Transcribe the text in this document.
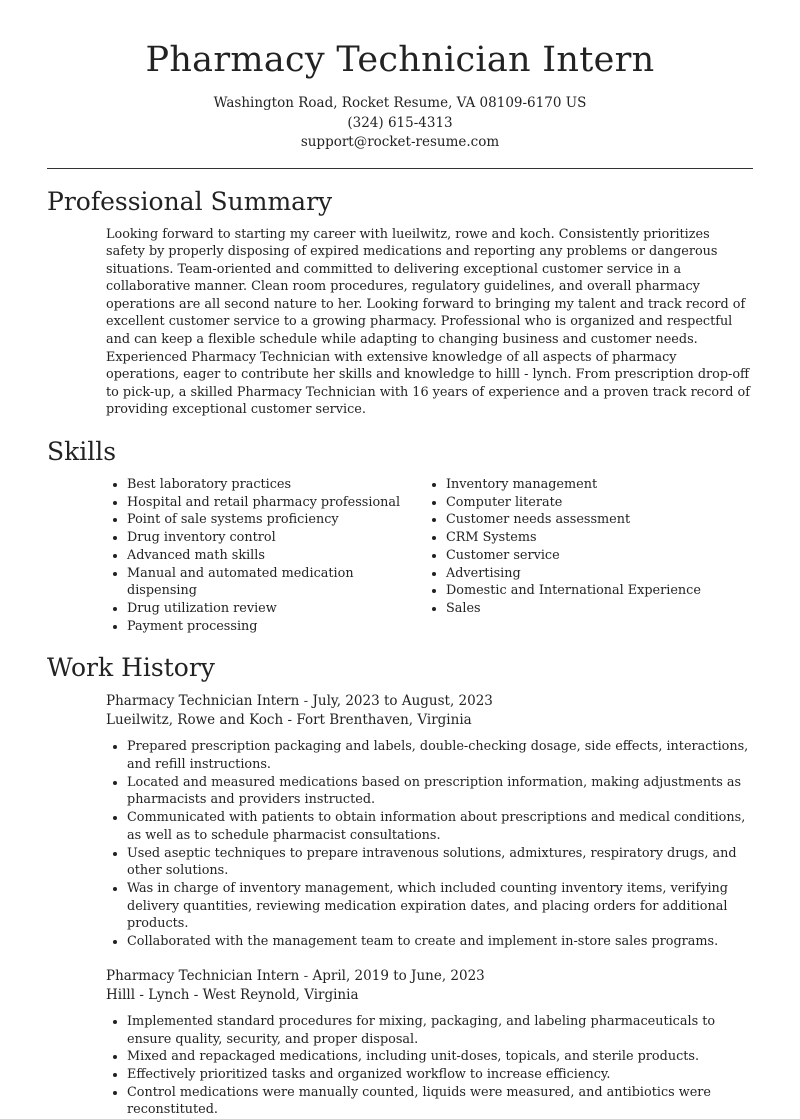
Pharmacy Technician Intern
Washington Road, Rocket Resume, VA 08109-6170 US
(324) 615-4313
support@rocket-resume.com
Professional Summary
Looking forward to starting my career with lueilwitz, rowe and koch. Consistently prioritizes safety by properly disposing of expired medications and reporting any problems or dangerous situations. Team-oriented and committed to delivering exceptional customer service in a collaborative manner. Clean room procedures, regulatory guidelines, and overall pharmacy operations are all second nature to her. Looking forward to bringing my talent and track record of excellent customer service to a growing pharmacy. Professional who is organized and respectful and can keep a flexible schedule while adapting to changing business and customer needs. Experienced Pharmacy Technician with extensive knowledge of all aspects of pharmacy operations, eager to contribute her skills and knowledge to hilll - lynch. From prescription drop-off to pick-up, a skilled Pharmacy Technician with 16 years of experience and a proven track record of providing exceptional customer service.
Skills
• Best laboratory practices
• Hospital and retail pharmacy professional
• Point of sale systems proficiency
• Drug inventory control
• Advanced math skills
• Manual and automated medication dispensing
• Drug utilization review
• Payment processing
• Inventory management
• Computer literate
• Customer needs assessment
• CRM Systems
• Customer service
• Advertising
• Domestic and International Experience
• Sales
Work History
Pharmacy Technician Intern - July, 2023 to August, 2023
Lueilwitz, Rowe and Koch - Fort Brenthaven, Virginia
• Prepared prescription packaging and labels, double-checking dosage, side effects, interactions, and refill instructions.
• Located and measured medications based on prescription information, making adjustments as pharmacists and providers instructed.
• Communicated with patients to obtain information about prescriptions and medical conditions, as well as to schedule pharmacist consultations.
• Used aseptic techniques to prepare intravenous solutions, admixtures, respiratory drugs, and other solutions.
• Was in charge of inventory management, which included counting inventory items, verifying delivery quantities, reviewing medication expiration dates, and placing orders for additional products.
• Collaborated with the management team to create and implement in-store sales programs.
Pharmacy Technician Intern - April, 2019 to June, 2023
Hilll - Lynch - West Reynold, Virginia
• Implemented standard procedures for mixing, packaging, and labeling pharmaceuticals to ensure quality, security, and proper disposal.
• Mixed and repackaged medications, including unit-doses, topicals, and sterile products.
• Effectively prioritized tasks and organized workflow to increase efficiency.
• Control medications were manually counted, liquids were measured, and antibiotics were reconstituted.
